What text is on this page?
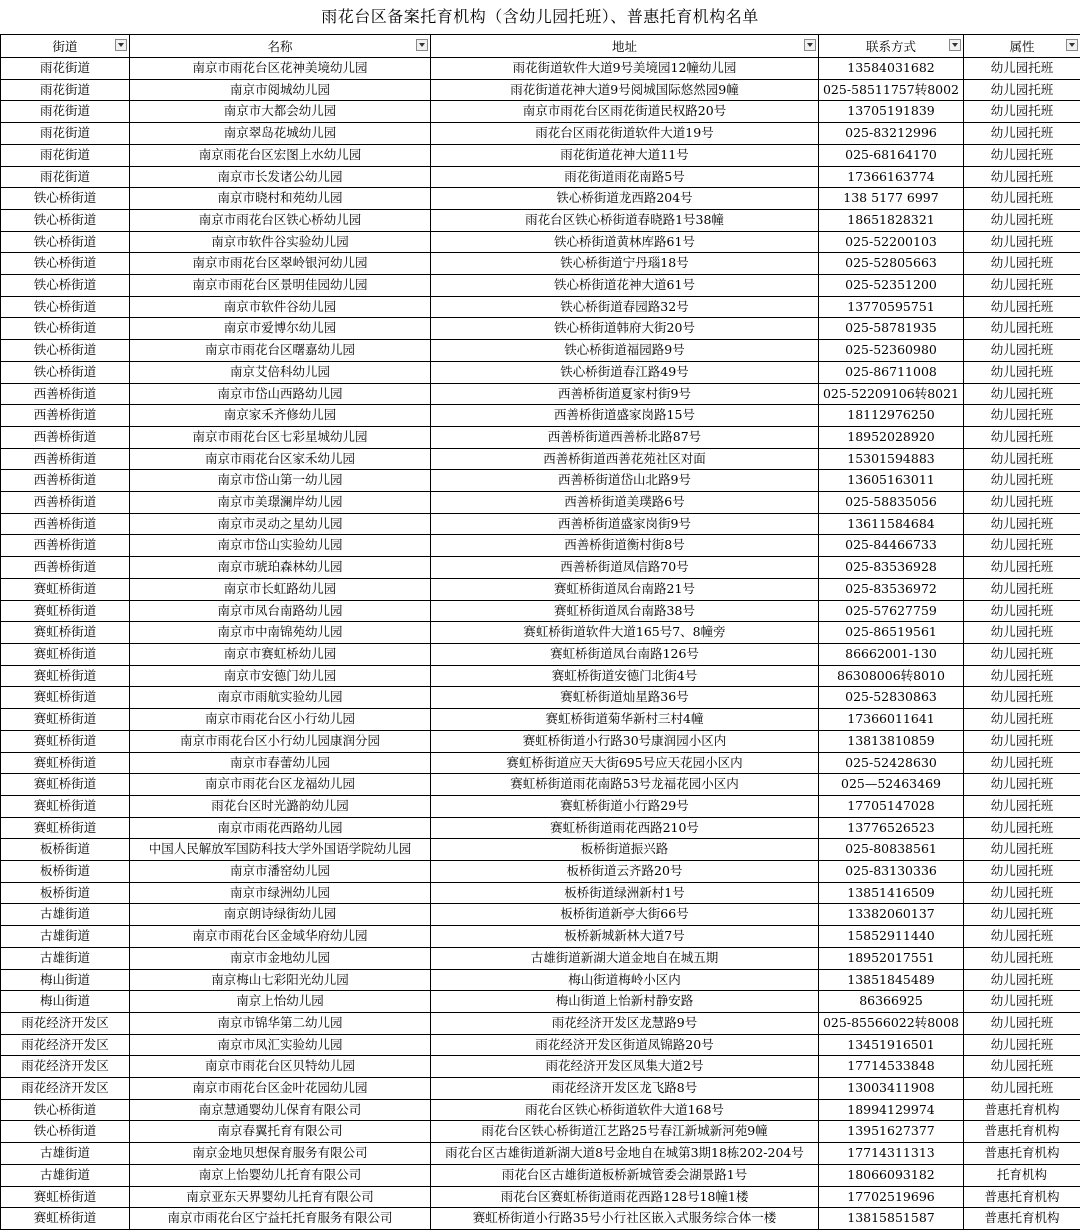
雨花台区备案托育机构（含幼儿园托班）、普惠托育机构名单
街道	名称	地址	联系方式	属性

雨花街道	南京市雨花台区花神美境幼儿园	雨花街道软件大道9号美境园12幢幼儿园	13584031682	幼儿园托班
雨花街道	南京市阅城幼儿园	雨花街道花神大道9号阅城国际悠然园9幢	025-58511757转8002	幼儿园托班
雨花街道	南京市大都会幼儿园	南京市雨花台区雨花街道民权路20号	13705191839	幼儿园托班
雨花街道	南京翠岛花城幼儿园	雨花台区雨花街道软件大道19号	025-83212996	幼儿园托班
雨花街道	南京雨花台区宏图上水幼儿园	雨花街道花神大道11号	025-68164170	幼儿园托班
雨花街道	南京市长发诸公幼儿园	雨花街道雨花南路5号	17366163774	幼儿园托班
铁心桥街道	南京市晓村和苑幼儿园	铁心桥街道龙西路204号	138 5177 6997	幼儿园托班
铁心桥街道	南京市雨花台区铁心桥幼儿园	雨花台区铁心桥街道春晓路1号38幢	18651828321	幼儿园托班
铁心桥街道	南京市软件谷实验幼儿园	铁心桥街道黄林库路61号	025-52200103	幼儿园托班
铁心桥街道	南京市雨花台区翠岭银河幼儿园	铁心桥街道宁丹瑙18号	025-52805663	幼儿园托班
铁心桥街道	南京市雨花台区景明佳园幼儿园	铁心桥街道花神大道61号	025-52351200	幼儿园托班
铁心桥街道	南京市软件谷幼儿园	铁心桥街道春园路32号	13770595751	幼儿园托班
铁心桥街道	南京市爱博尔幼儿园	铁心桥街道韩府大街20号	025-58781935	幼儿园托班
铁心桥街道	南京市雨花台区曙嘉幼儿园	铁心桥街道福园路9号	025-52360980	幼儿园托班
铁心桥街道	南京艾倍科幼儿园	铁心桥街道春江路49号	025-86711008	幼儿园托班
西善桥街道	南京市岱山西路幼儿园	西善桥街道夏家村街9号	025-52209106转8021	幼儿园托班
西善桥街道	南京家禾齐修幼儿园	西善桥街道盛家岗路15号	18112976250	幼儿园托班
西善桥街道	南京市雨花台区七彩星城幼儿园	西善桥街道西善桥北路87号	18952028920	幼儿园托班
西善桥街道	南京市雨花台区家禾幼儿园	西善桥街道西善花苑社区对面	15301594883	幼儿园托班
西善桥街道	南京市岱山第一幼儿园	西善桥街道岱山北路9号	13605163011	幼儿园托班
西善桥街道	南京市美璟澜岸幼儿园	西善桥街道美璞路6号	025-58835056	幼儿园托班
西善桥街道	南京市灵动之星幼儿园	西善桥街道盛家岗街9号	13611584684	幼儿园托班
西善桥街道	南京市岱山实验幼儿园	西善桥街道衡村街8号	025-84466733	幼儿园托班
西善桥街道	南京市琥珀森林幼儿园	西善桥街道凤信路70号	025-83536928	幼儿园托班
赛虹桥街道	南京市长虹路幼儿园	赛虹桥街道凤台南路21号	025-83536972	幼儿园托班
赛虹桥街道	南京市凤台南路幼儿园	赛虹桥街道凤台南路38号	025-57627759	幼儿园托班
赛虹桥街道	南京市中南锦苑幼儿园	赛虹桥街道软件大道165号7、8幢旁	025-86519561	幼儿园托班
赛虹桥街道	南京市赛虹桥幼儿园	赛虹桥街道凤台南路126号	86662001-130	幼儿园托班
赛虹桥街道	南京市安德门幼儿园	赛虹桥街道安德门北街4号	86308006转8010	幼儿园托班
赛虹桥街道	南京市雨航实验幼儿园	赛虹桥街道灿星路36号	025-52830863	幼儿园托班
赛虹桥街道	南京市雨花台区小行幼儿园	赛虹桥街道菊华新村三村4幢	17366011641	幼儿园托班
赛虹桥街道	南京市雨花台区小行幼儿园康润分园	赛虹桥街道小行路30号康润园小区内	13813810859	幼儿园托班
赛虹桥街道	南京市春蕾幼儿园	赛虹桥街道应天大街695号应天花园小区内	025-52428630	幼儿园托班
赛虹桥街道	南京市雨花台区龙福幼儿园	赛虹桥街道雨花南路53号龙福花园小区内	025—52463469	幼儿园托班
赛虹桥街道	雨花台区时光潞韵幼儿园	赛虹桥街道小行路29号	17705147028	幼儿园托班
赛虹桥街道	南京市雨花西路幼儿园	赛虹桥街道雨花西路210号	13776526523	幼儿园托班
板桥街道	中国人民解放军国防科技大学外国语学院幼儿园	板桥街道振兴路	025-80838561	幼儿园托班
板桥街道	南京市潘窑幼儿园	板桥街道云齐路20号	025-83130336	幼儿园托班
板桥街道	南京市绿洲幼儿园	板桥街道绿洲新村1号	13851416509	幼儿园托班
古雄街道	南京朗诗绿街幼儿园	板桥街道新亭大街66号	13382060137	幼儿园托班
古雄街道	南京市雨花台区金域华府幼儿园	板桥新城新林大道7号	15852911440	幼儿园托班
古雄街道	南京市金地幼儿园	古雄街道新湖大道金地自在城五期	18952017551	幼儿园托班
梅山街道	南京梅山七彩阳光幼儿园	梅山街道梅岭小区内	13851845489	幼儿园托班
梅山街道	南京上怡幼儿园	梅山街道上怡新村静安路	86366925	幼儿园托班
雨花经济开发区	南京市锦华第二幼儿园	雨花经济开发区龙慧路9号	025-85566022转8008	幼儿园托班
雨花经济开发区	南京市凤汇实验幼儿园	雨花经济开发区街道凤锦路20号	13451916501	幼儿园托班
雨花经济开发区	南京市雨花台区贝特幼儿园	雨花经济开发区凤集大道2号	17714533848	幼儿园托班
雨花经济开发区	南京市雨花台区金叶花园幼儿园	雨花经济开发区龙飞路8号	13003411908	幼儿园托班
铁心桥街道	南京慧通婴幼儿保育有限公司	雨花台区铁心桥街道软件大道168号	18994129974	普惠托育机构
铁心桥街道	南京春翼托育有限公司	雨花台区铁心桥街道江艺路25号春江新城新河苑9幢	13951627377	普惠托育机构
古雄街道	南京金地贝想保育服务有限公司	雨花台区古雄街道新湖大道8号金地自在城第3期18栋202-204号	17714311313	普惠托育机构
古雄街道	南京上怡婴幼儿托育有限公司	雨花台区古雄街道板桥新城管委会湖景路1号	18066093182	托育机构
赛虹桥街道	南京亚东天界婴幼儿托育有限公司	雨花台区赛虹桥街道雨花西路128号18幢1楼	17702519696	普惠托育机构
赛虹桥街道	南京市雨花台区宁益托托育服务有限公司	赛虹桥街道小行路35号小行社区嵌入式服务综合体一楼	13815851587	普惠托育机构
